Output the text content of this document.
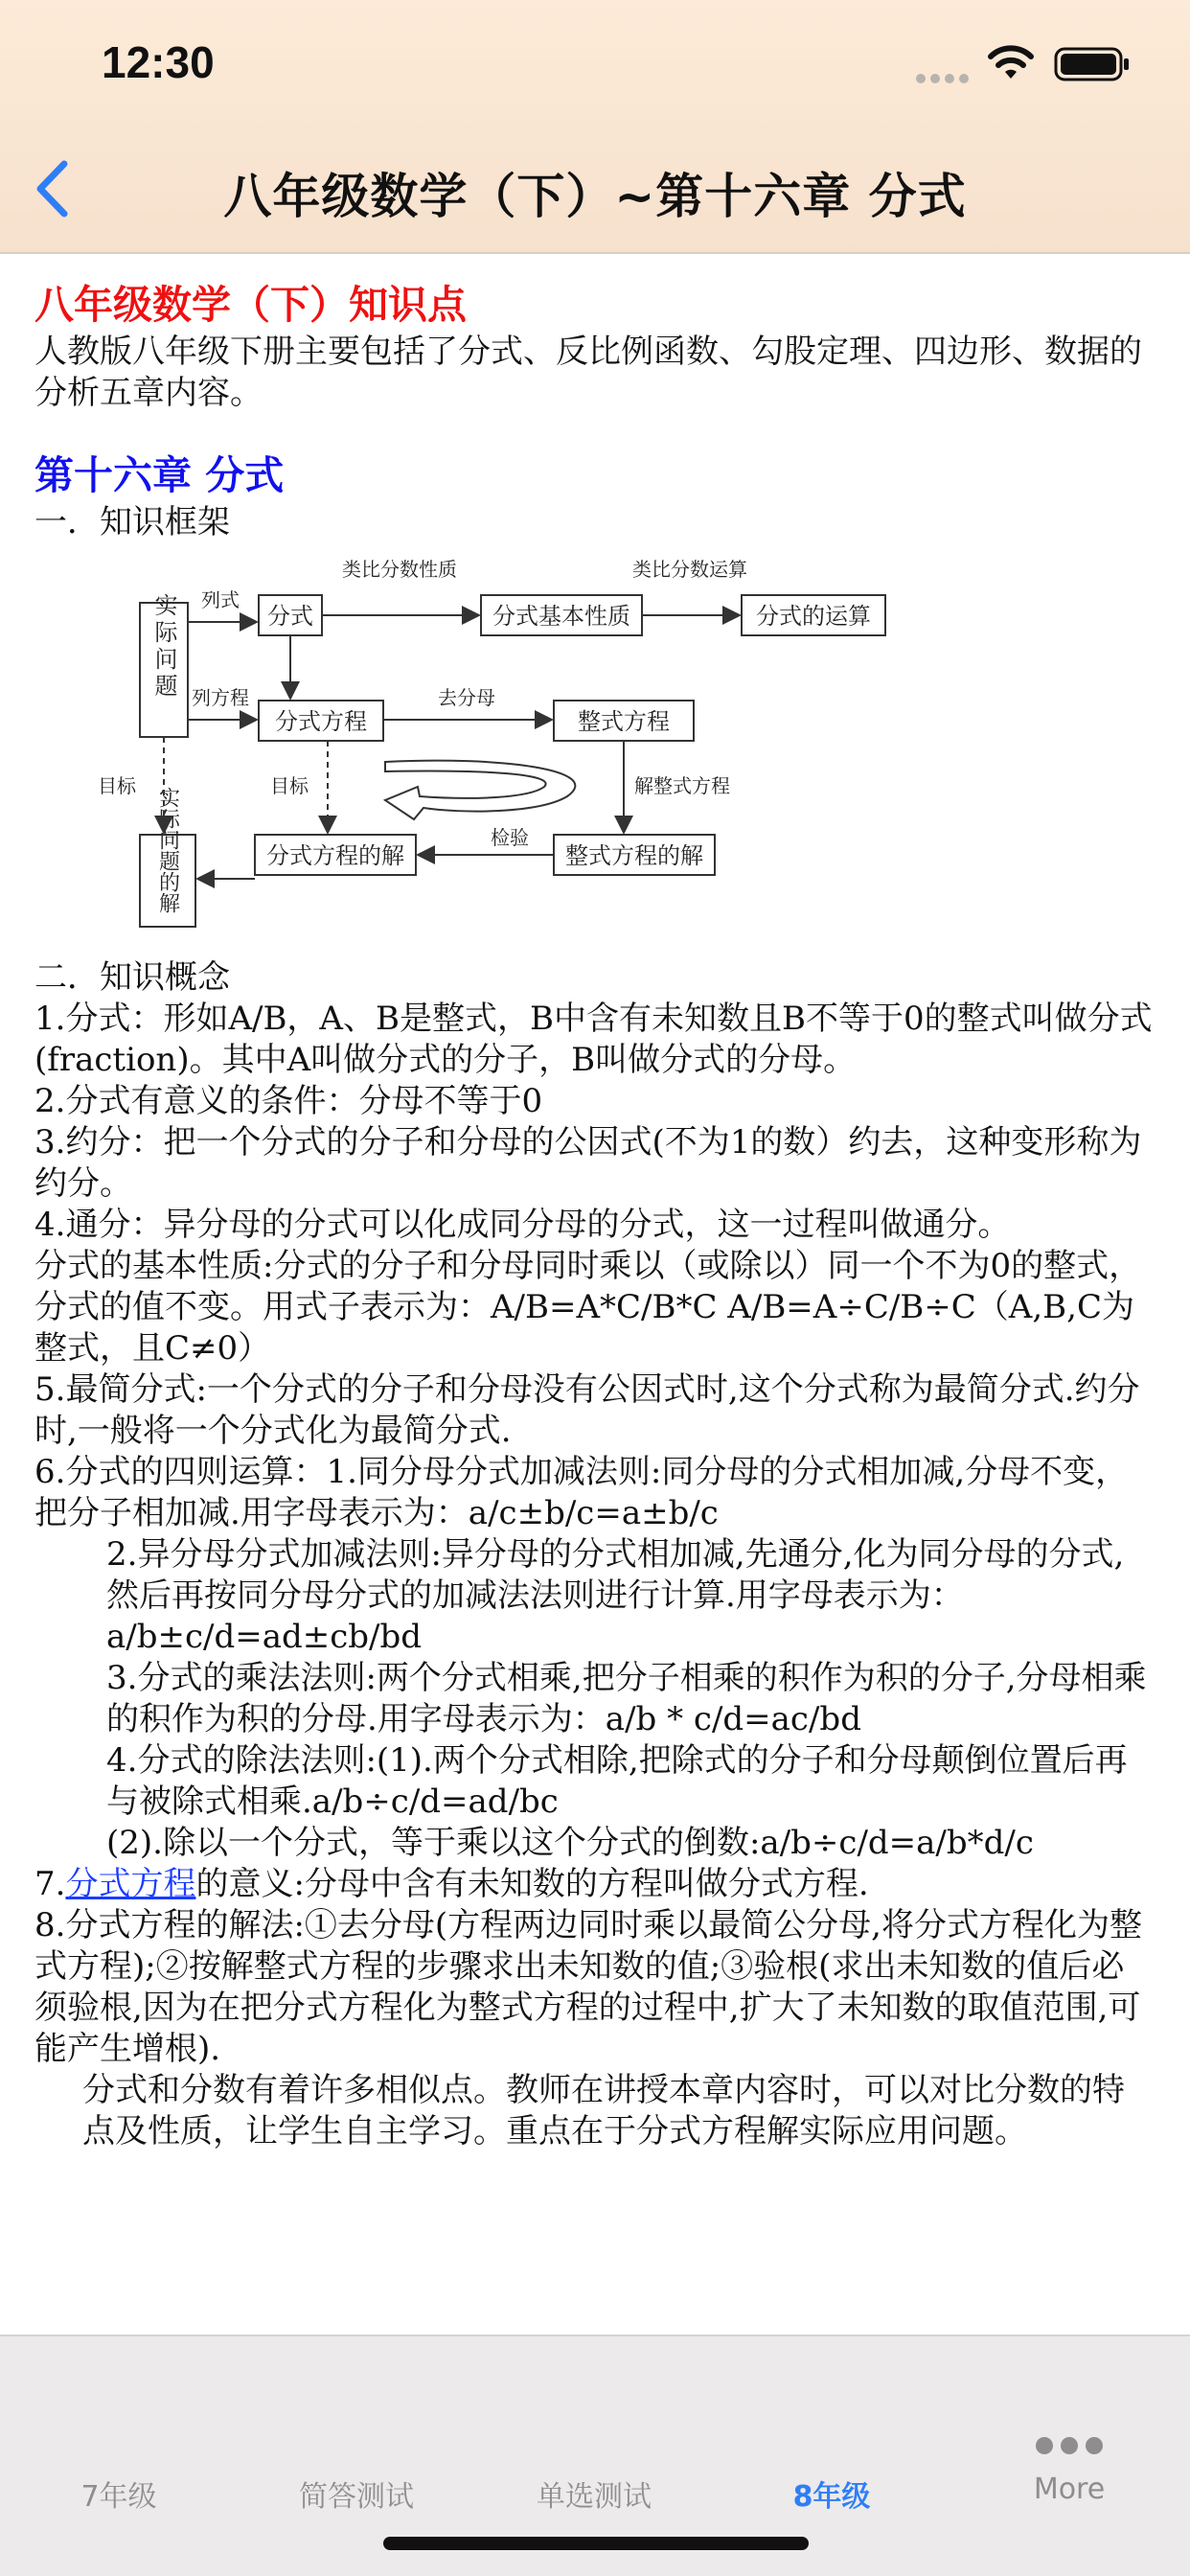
12:30
八年级数学（下）~第十六章 分式
八年级数学（下）知识点
人教版八年级下册主要包括了分式、反比例函数、勾股定理、四边形、数据的分析五章内容。
第十六章 分式
一．知识框架
实际问题	分式	分式基本性质	分式的运算
分式方程	整式方程
分式方程的解	整式方程的解
实际问题的解
列式
类比分数性质	类比分数运算
列方程	去分母
解整式方程
检验
目标	目标
二．知识概念
1.分式：形如A/B，A、B是整式，B中含有未知数且B不等于0的整式叫做分式(fraction)。其中A叫做分式的分子，B叫做分式的分母。
2.分式有意义的条件：分母不等于0
3.约分：把一个分式的分子和分母的公因式(不为1的数）约去，这种变形称为约分。
4.通分：异分母的分式可以化成同分母的分式，这一过程叫做通分。
分式的基本性质:分式的分子和分母同时乘以（或除以）同一个不为0的整式，分式的值不变。用式子表示为：A/B=A*C/B*C A/B=A÷C/B÷C（A,B,C为整式，且C≠0）
5.最简分式:一个分式的分子和分母没有公因式时,这个分式称为最简分式.约分时,一般将一个分式化为最简分式.
6.分式的四则运算：1.同分母分式加减法则:同分母的分式相加减,分母不变，把分子相加减.用字母表示为：a/c±b/c=a±b/c
2.异分母分式加减法则:异分母的分式相加减,先通分,化为同分母的分式,然后再按同分母分式的加减法法则进行计算.用字母表示为：a/b±c/d=ad±cb/bd
3.分式的乘法法则:两个分式相乘,把分子相乘的积作为积的分子,分母相乘的积作为积的分母.用字母表示为：a/b * c/d=ac/bd
4.分式的除法法则:(1).两个分式相除,把除式的分子和分母颠倒位置后再与被除式相乘.a/b÷c/d=ad/bc
(2).除以一个分式，等于乘以这个分式的倒数:a/b÷c/d=a/b*d/c
7.分式方程的意义:分母中含有未知数的方程叫做分式方程.
8.分式方程的解法:①去分母(方程两边同时乘以最简公分母,将分式方程化为整式方程);②按解整式方程的步骤求出未知数的值;③验根(求出未知数的值后必须验根,因为在把分式方程化为整式方程的过程中,扩大了未知数的取值范围,可能产生增根).
分式和分数有着许多相似点。教师在讲授本章内容时，可以对比分数的特点及性质，让学生自主学习。重点在于分式方程解实际应用问题。
7年级	简答测试	单选测试	8年级	More
